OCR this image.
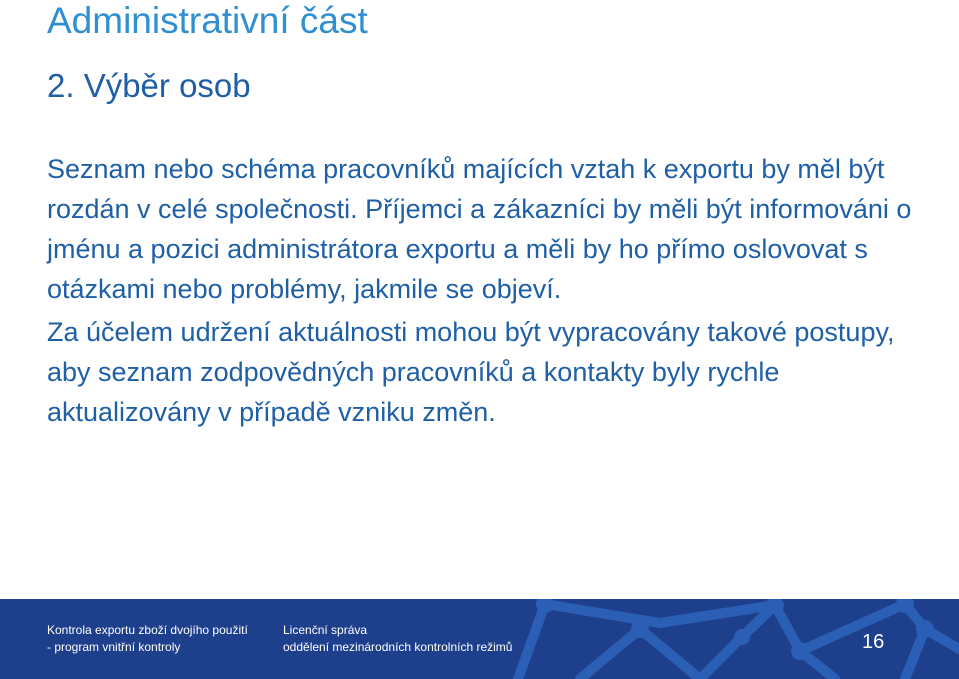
Administrativní část
2. Výběr osob

Seznam nebo schéma pracovníků majících vztah k exportu by měl být rozdán v celé společnosti. Příjemci a zákazníci by měli být informováni o jménu a pozici administrátora exportu a měli by ho přímo oslovovat s otázkami nebo problémy, jakmile se objeví.

Za účelem udržení aktuálnosti mohou být vypracovány takové postupy, aby seznam zodpovědných pracovníků a kontakty byly rychle aktualizovány v případě vzniku změn.

Kontrola exportu zboží dvojího použití
- program vnitřní kontroly
Licenční správa
oddělení mezinárodních kontrolních režimů	16
